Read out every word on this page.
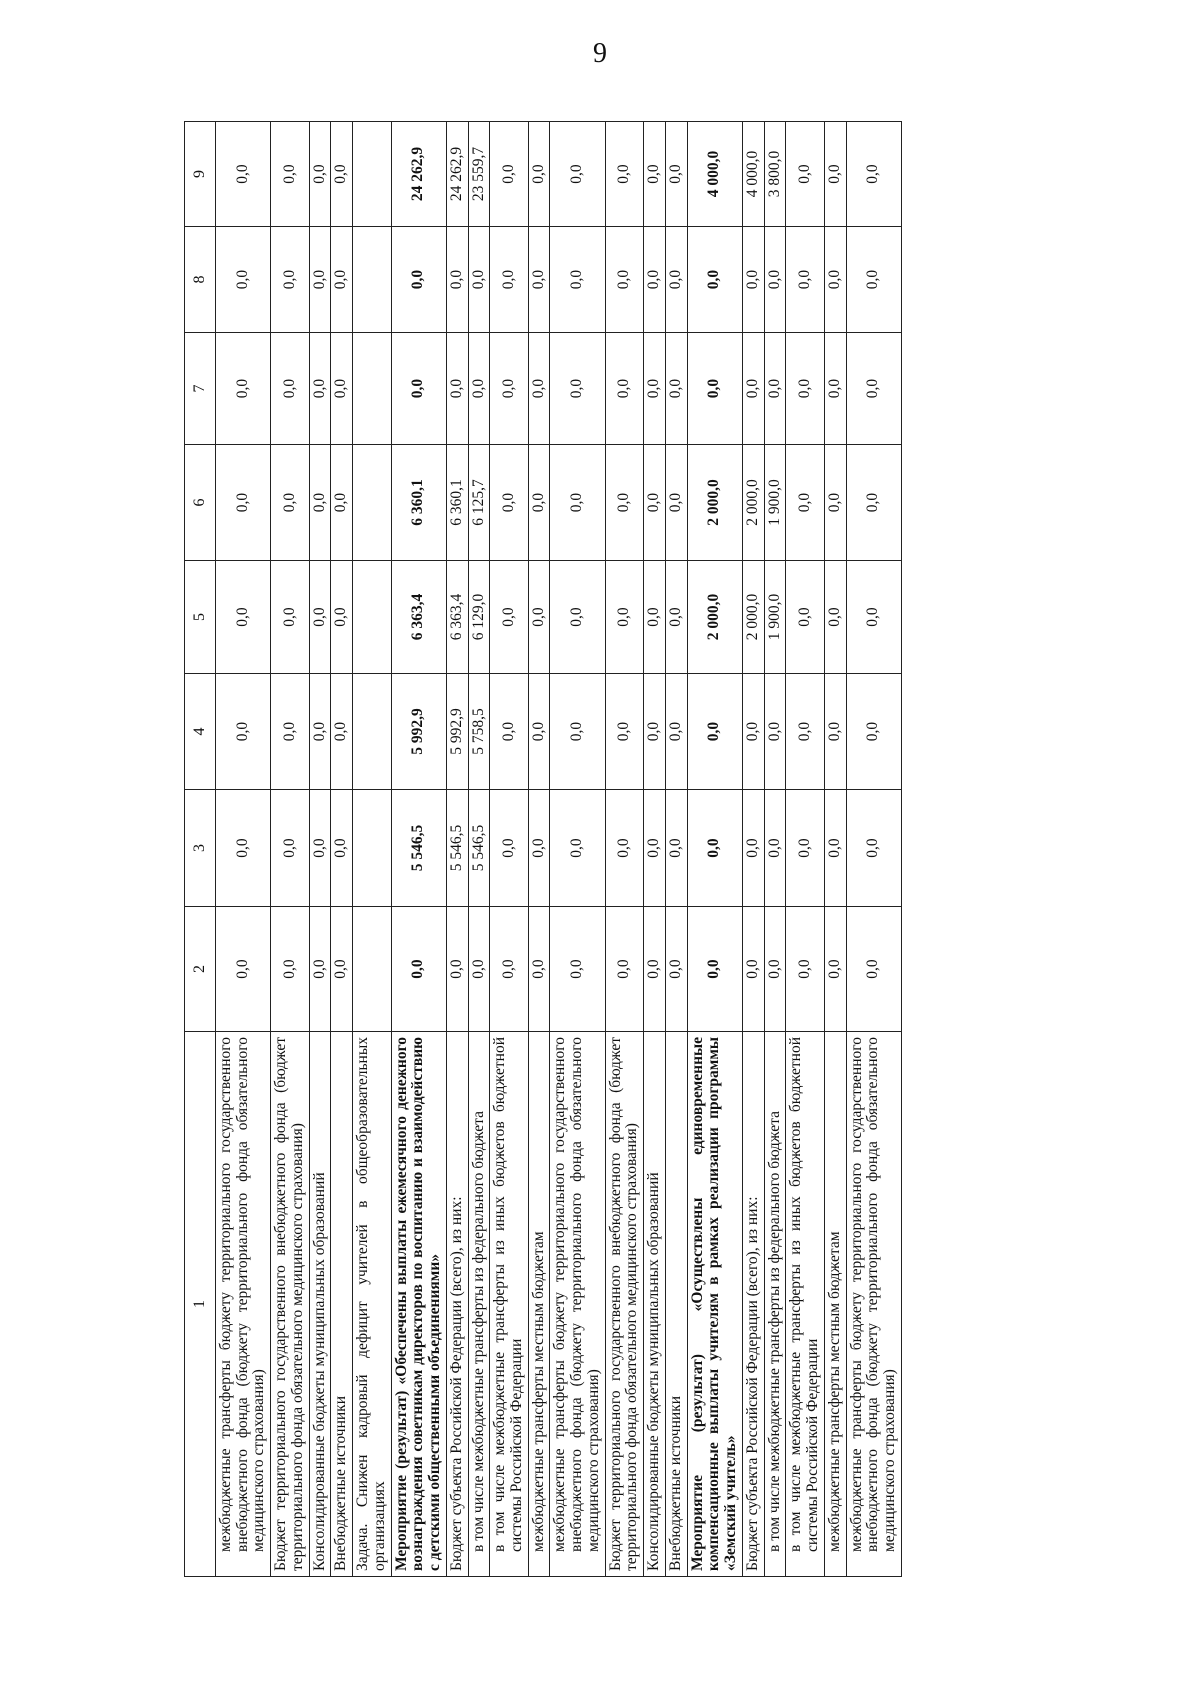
9
1	2	3	4	5	6	7	8	9
межбюджетные трансферты бюджету территориального государственного внебюджетного фонда (бюджету территориального фонда обязательного медицинского страхования)	0,0	0,0	0,0	0,0	0,0	0,0	0,0	0,0
Бюджет территориального государственного внебюджетного фонда (бюджет территориального фонда обязательного медицинского страхования)	0,0	0,0	0,0	0,0	0,0	0,0	0,0	0,0
Консолидированные бюджеты муниципальных образований	0,0	0,0	0,0	0,0	0,0	0,0	0,0	0,0
Внебюджетные источники	0,0	0,0	0,0	0,0	0,0	0,0	0,0	0,0
Задача. Снижен кадровый дефицит учителей в общеобразовательных организациях								
Мероприятие (результат) «Обеспечены выплаты ежемесячного денежного вознаграждения советникам директоров по воспитанию и взаимодействию с детскими общественными объединениями»	0,0	5 546,5	5 992,9	6 363,4	6 360,1	0,0	0,0	24 262,9
Бюджет субъекта Российской Федерации (всего), из них:	0,0	5 546,5	5 992,9	6 363,4	6 360,1	0,0	0,0	24 262,9
в том числе межбюджетные трансферты из федерального бюджета	0,0	5 546,5	5 758,5	6 129,0	6 125,7	0,0	0,0	23 559,7
в том числе межбюджетные трансферты из иных бюджетов бюджетной системы Российской Федерации	0,0	0,0	0,0	0,0	0,0	0,0	0,0	0,0
межбюджетные трансферты местным бюджетам	0,0	0,0	0,0	0,0	0,0	0,0	0,0	0,0
межбюджетные трансферты бюджету территориального государственного внебюджетного фонда (бюджету территориального фонда обязательного медицинского страхования)	0,0	0,0	0,0	0,0	0,0	0,0	0,0	0,0
Бюджет территориального государственного внебюджетного фонда (бюджет территориального фонда обязательного медицинского страхования)	0,0	0,0	0,0	0,0	0,0	0,0	0,0	0,0
Консолидированные бюджеты муниципальных образований	0,0	0,0	0,0	0,0	0,0	0,0	0,0	0,0
Внебюджетные источники	0,0	0,0	0,0	0,0	0,0	0,0	0,0	0,0
Мероприятие (результат) «Осуществлены единовременные компенсационные выплаты учителям в рамках реализации программы «Земский учитель»	0,0	0,0	0,0	2 000,0	2 000,0	0,0	0,0	4 000,0
Бюджет субъекта Российской Федерации (всего), из них:	0,0	0,0	0,0	2 000,0	2 000,0	0,0	0,0	4 000,0
в том числе межбюджетные трансферты из федерального бюджета	0,0	0,0	0,0	1 900,0	1 900,0	0,0	0,0	3 800,0
в том числе межбюджетные трансферты из иных бюджетов бюджетной системы Российской Федерации	0,0	0,0	0,0	0,0	0,0	0,0	0,0	0,0
межбюджетные трансферты местным бюджетам	0,0	0,0	0,0	0,0	0,0	0,0	0,0	0,0
межбюджетные трансферты бюджету территориального государственного внебюджетного фонда (бюджету территориального фонда обязательного медицинского страхования)	0,0	0,0	0,0	0,0	0,0	0,0	0,0	0,0
